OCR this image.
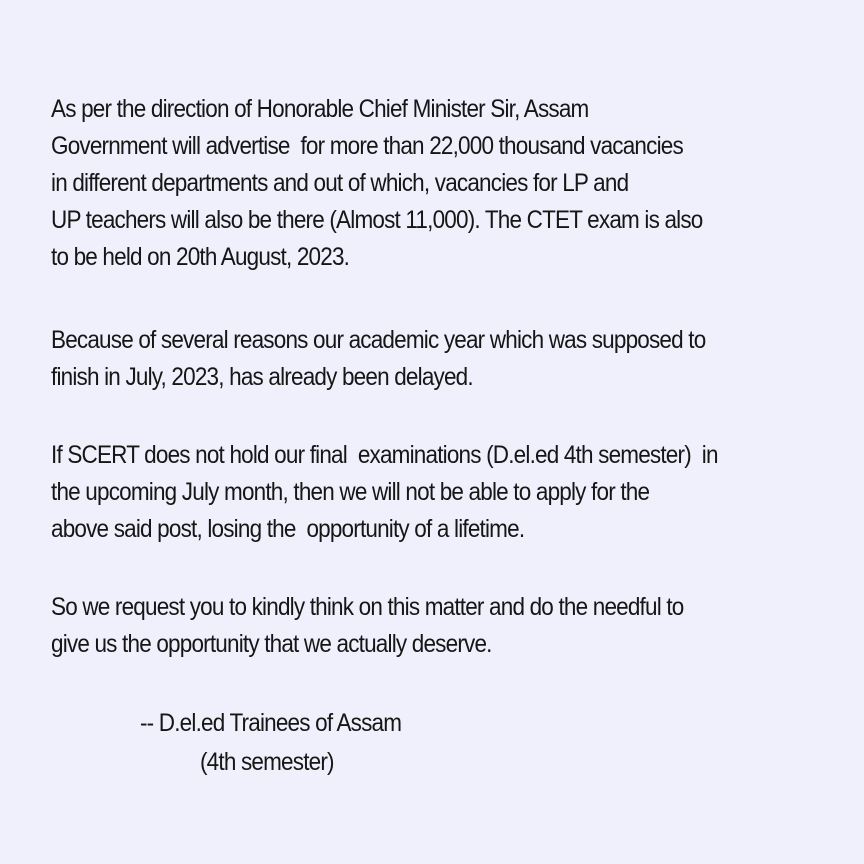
As per the direction of Honorable Chief Minister Sir, Assam
Government will advertise  for more than 22,000 thousand vacancies
in different departments and out of which, vacancies for LP and
UP teachers will also be there (Almost 11,000). The CTET exam is also
to be held on 20th August, 2023.
Because of several reasons our academic year which was supposed to
finish in July, 2023, has already been delayed.
If SCERT does not hold our final  examinations (D.el.ed 4th semester)  in
the upcoming July month, then we will not be able to apply for the
above said post, losing the  opportunity of a lifetime.
So we request you to kindly think on this matter and do the needful to
give us the opportunity that we actually deserve.
-- D.el.ed Trainees of Assam
(4th semester)
